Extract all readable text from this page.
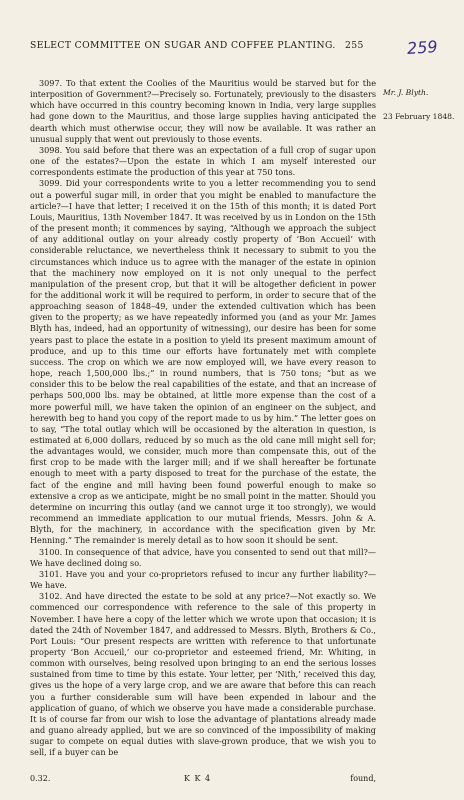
SELECT COMMITTEE ON SUGAR AND COFFEE PLANTING. 255	259
Mr. J. Blyth.
23 February 1848.

3097. To that extent the Coolies of the Mauritius would be starved but for the interposition of Government?—Precisely so. Fortunately, previously to the disasters which have occurred in this country becoming known in India, very large supplies had gone down to the Mauritius, and those large supplies having anticipated the dearth which must otherwise occur, they will now be available. It was rather an unusual supply that went out previously to those events.

3098. You said before that there was an expectation of a full crop of sugar upon one of the estates?—Upon the estate in which I am myself interested our correspondents estimate the production of this year at 750 tons.

3099. Did your correspondents write to you a letter recommending you to send out a powerful sugar mill, in order that you might be enabled to manufacture the article?—I have that letter; I received it on the 15th of this month; it is dated Port Louis, Mauritius, 13th November 1847. It was received by us in London on the 15th of the present month; it commences by saying, “Although we approach the subject of any additional outlay on your already costly property of ‘Bon Accueil’ with considerable reluctance, we nevertheless think it necessary to submit to you the circumstances which induce us to agree with the manager of the estate in opinion that the machinery now employed on it is not only unequal to the perfect manipulation of the present crop, but that it will be altogether deficient in power for the additional work it will be required to perform, in order to secure that of the approaching season of 1848–49, under the extended cultivation which has been given to the property; as we have repeatedly informed you (and as your Mr. James Blyth has, indeed, had an opportunity of witnessing), our desire has been for some years past to place the estate in a position to yield its present maximum amount of produce, and up to this time our efforts have fortunately met with complete success. The crop on which we are now employed will, we have every reason to hope, reach 1,500,000 lbs.;” in round numbers, that is 750 tons; “but as we consider this to be below the real capabilities of the estate, and that an increase of perhaps 500,000 lbs. may be obtained, at little more expense than the cost of a more powerful mill, we have taken the opinion of an engineer on the subject, and herewith beg to hand you copy of the report made to us by him.” The letter goes on to say, “The total outlay which will be occasioned by the alteration in question, is estimated at 6,000 dollars, reduced by so much as the old cane mill might sell for; the advantages would, we consider, much more than compensate this, out of the first crop to be made with the larger mill; and if we shall hereafter be fortunate enough to meet with a party disposed to treat for the purchase of the estate, the fact of the engine and mill having been found powerful enough to make so extensive a crop as we anticipate, might be no small point in the matter. Should you determine on incurring this outlay (and we cannot urge it too strongly), we would recommend an immediate application to our mutual friends, Messrs. John & A. Blyth, for the machinery, in accordance with the specification given by Mr. Henning.” The remainder is merely detail as to how soon it should be sent.

3100. In consequence of that advice, have you consented to send out that mill?—We have declined doing so.

3101. Have you and your co-proprietors refused to incur any further liability?—We have.

3102. And have directed the estate to be sold at any price?—Not exactly so. We commenced our correspondence with reference to the sale of this property in November. I have here a copy of the letter which we wrote upon that occasion; it is dated the 24th of November 1847, and addressed to Messrs. Blyth, Brothers & Co., Port Louis: “Our present respects are written with reference to that unfortunate property ‘Bon Accueil,’ our co-proprietor and esteemed friend, Mr. Whiting, in common with ourselves, being resolved upon bringing to an end the serious losses sustained from time to time by this estate. Your letter, per ‘Nith,’ received this day, gives us the hope of a very large crop, and we are aware that before this can reach you a further considerable sum will have been expended in labour and the application of guano, of which we observe you have made a considerable purchase. It is of course far from our wish to lose the advantage of plantations already made and guano already applied, but we are so convinced of the impossibility of making sugar to compete on equal duties with slave-grown produce, that we wish you to sell, if a buyer can be

0.32.	K K 4	found,
